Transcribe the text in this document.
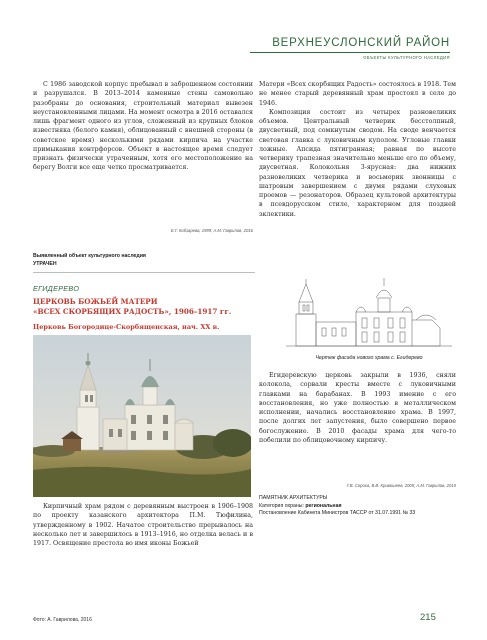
ВЕРХНЕУСЛОНСКИЙ РАЙОН
ОБЪЕКТЫ КУЛЬТУРНОГО НАСЛЕДИЯ

С 1986 заводской корпус пребывал в заброшенном состоянии и разрушался. В 2013–2014 каменные стены самовольно разобраны до основания, строительный материал вывезен неустановленными лицами. На момент осмотра в 2016 оставался лишь фрагмент одного из углов, сложенный из крупных блоков известняка (белого камня), облицованный с внешней стороны (в советское время) несколькими рядами кирпича на участке примыкания контрфорсов. Объект в настоящее время следует признать физически утраченным, хотя его местоположение на берегу Волги все еще четко просматривается.

Е.Г. Кобзарева, 1999; А.М. Гаврилов, 2016

Матери «Всех скорбящих Радость» состоялось в 1918. Тем не менее старый деревянный храм простоял в селе до 1946.

Композиция состоит из четырех разновеликих объемов. Центральный четверик бесстолпный, двусветный, под сомкнутым сводом. На своде венчается световая главка с луковичным куполом. Угловые главки ложные. Апсида пятигранная; равная по высоте четверику трапезная значительно меньше его по объему, двусветная. Колокольня 3-ярусная: два нижних разновеликих четверика и восьмерик звонницы с шатровым завершением с двумя рядами слуховых проемов — резонаторов. Образец культовой архитектуры в псевдорусском стиле, характерном для поздней эклектики.

Выявленный объект культурного наследия
УТРАЧЕН
ЕГИДЕРЕВО
ЦЕРКОВЬ БОЖЬЕЙ МАТЕРИ
«ВСЕХ СКОРБЯЩИХ РАДОСТЬ», 1906–1917 гг.
Церковь Богородице-Скорбященская, нач. XX в.
Чертеж фасада нового храма с. Егидерево

Егидеревскую церковь закрыли в 1936, сняли колокола, сорвали кресты вместе с луковичными главками на барабанах. В 1993 имение с его восстановления, но уже полностью в металлическом исполнении, начались восстановление храма. В 1997, после долгих лет запустения, было совершено первое богослужение. В 2010 фасады храма для чего-то побелили по облицовочному кирпичу.

Г.В. Сорока, В.В. Кривошеев, 2005; А.М. Гаврилов, 2015

Кирпичный храм рядом с деревянным выстроен в 1906–1908 по проекту казанского архитектора П.М. Тюфилина, утвержденному в 1902. Начатое строительство прерывалось на несколько лет и завершилось в 1913–1916, но отделка велась и в 1917. Освящение престола во имя иконы Божьей

ПАМЯТНИК АРХИТЕКТУРЫ
Категория охраны: региональная
Постановление Кабинета Министров ТАССР от 31.07.1991 № 33
Фото: А. Гаврилова, 2016	215
